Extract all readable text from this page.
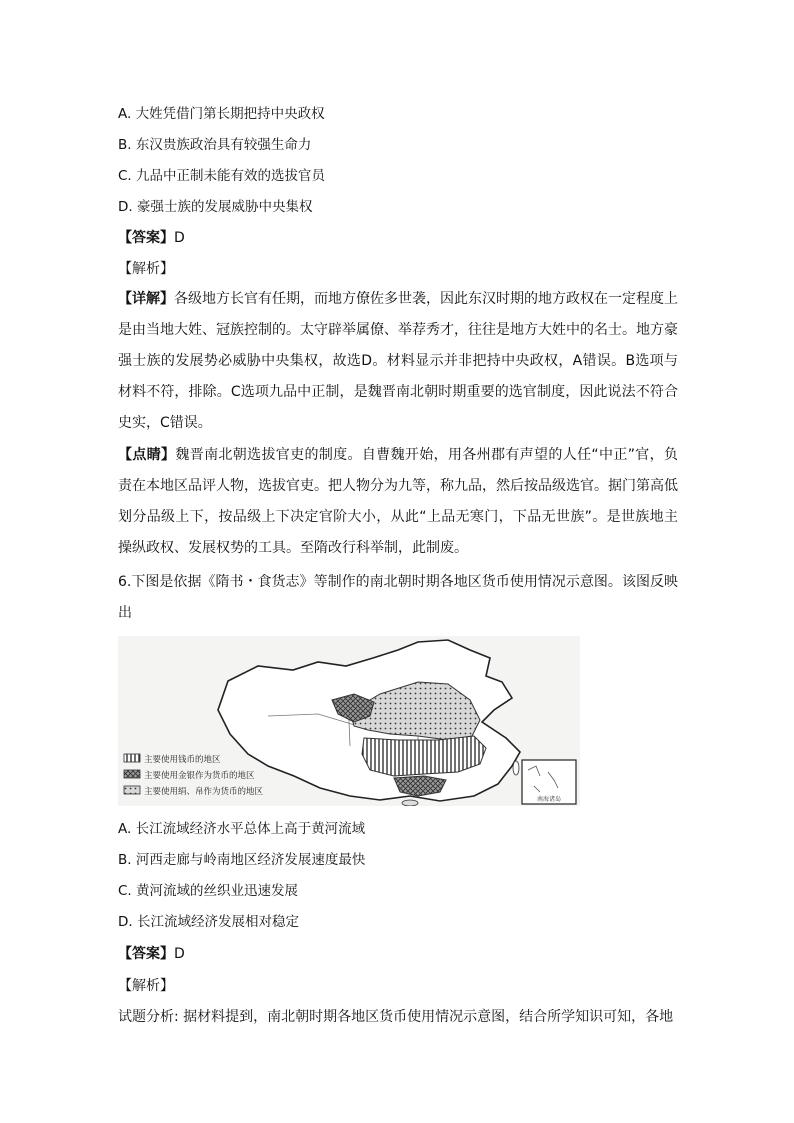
A. 大姓凭借门第长期把持中央政权
B. 东汉贵族政治具有较强生命力
C. 九品中正制未能有效的选拔官员
D. 豪强士族的发展威胁中央集权
【答案】D
【解析】
【详解】各级地方长官有任期，而地方僚佐多世袭，因此东汉时期的地方政权在一定程度上是由当地大姓、冠族控制的。太守辟举属僚、举荐秀才，往往是地方大姓中的名士。地方豪强士族的发展势必威胁中央集权，故选D。材料显示并非把持中央政权，A错误。B选项与材料不符，排除。C选项九品中正制，是魏晋南北朝时期重要的选官制度，因此说法不符合史实，C错误。
【点睛】魏晋南北朝选拔官吏的制度。自曹魏开始，用各州郡有声望的人任“中正”官，负责在本地区品评人物，选拔官吏。把人物分为九等，称九品，然后按品级选官。据门第高低划分品级上下，按品级上下决定官阶大小，从此“上品无寒门，下品无世族”。是世族地主操纵政权、发展权势的工具。至隋改行科举制，此制废。
6.下图是依据《隋书・食货志》等制作的南北朝时期各地区货币使用情况示意图。该图反映出
南海诸岛
主要使用钱币的地区
主要使用金银作为货币的地区
主要使用绢、帛作为货币的地区
A. 长江流域经济水平总体上高于黄河流域
B. 河西走廊与岭南地区经济发展速度最快
C. 黄河流域的丝织业迅速发展
D. 长江流域经济发展相对稳定
【答案】D
【解析】
试题分析: 据材料提到，南北朝时期各地区货币使用情况示意图，结合所学知识可知，各地
